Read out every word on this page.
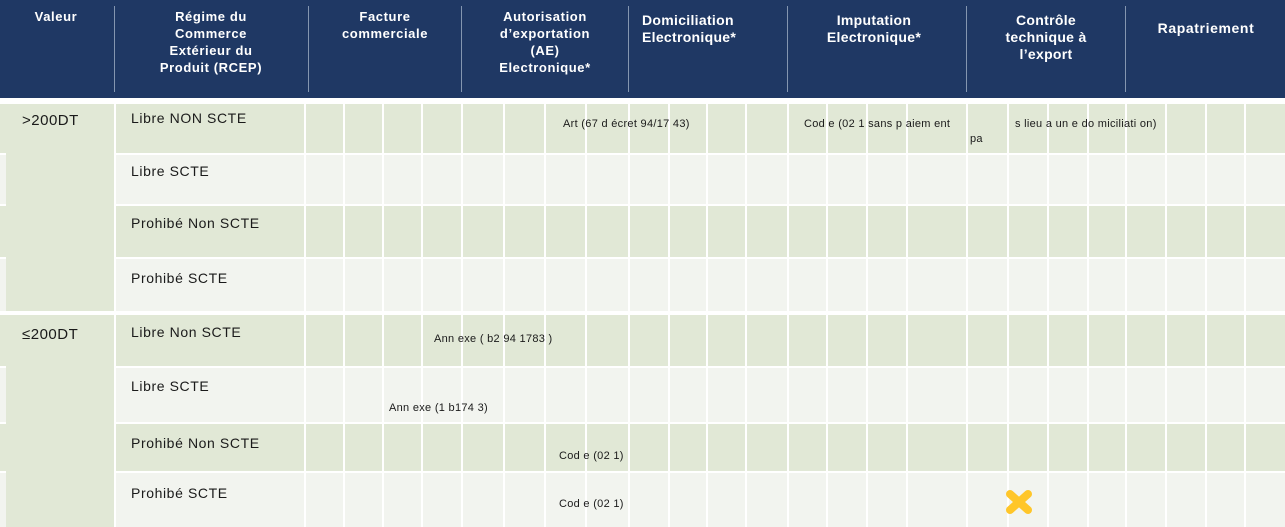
Valeur	Régime du
Commerce
Extérieur du
Produit (RCEP)
Facture
commerciale
Autorisation
d’exportation
(AE)
Electronique*
Domiciliation
Electronique*
Imputation
Electronique*
Contrôle
technique à
l’export
Rapatriement
>200DT
≤200DT
Libre NON SCTE
Libre SCTE
Prohibé Non SCTE
Prohibé SCTE
Libre Non SCTE
Libre SCTE
Prohibé Non SCTE
Prohibé SCTE
Art (67 d écret 94/17 43)	Cod e (02 1 sans p aiem ent
pa
s lieu a un e do miciliati on)
Ann exe ( b2 94 1783 )
Ann exe (1 b174 3)
Cod e (02 1)
Cod e (02 1)
